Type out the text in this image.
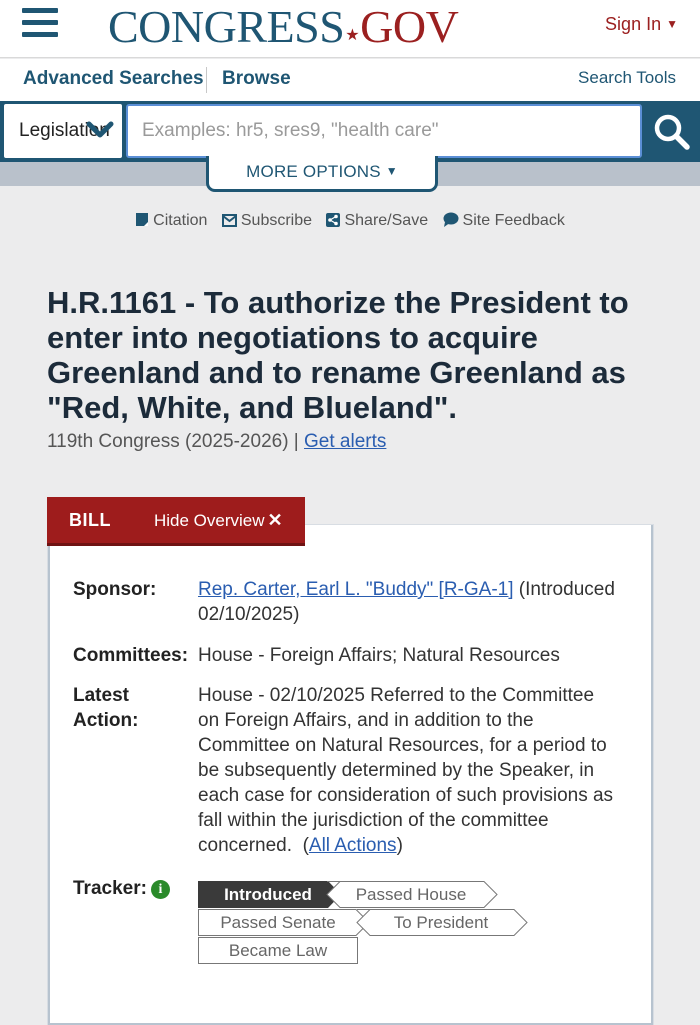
CONGRESS★GOV	Sign In ▼
Advanced Searches Browse	Search Tools
Legislation
Examples: hr5, sres9, "health care"
MORE OPTIONS ▼
Citation Subscribe Share/Save Site Feedback
H.R.1161 - To authorize the President to enter into negotiations to acquire Greenland and to rename Greenland as "Red, White, and Blueland".
119th Congress (2025-2026) | Get alerts
BILL	Hide Overview ✕
Sponsor: Rep. Carter, Earl L. "Buddy" [R-GA-1] (Introduced 02/10/2025)
Committees: House - Foreign Affairs; Natural Resources
Latest Action:
House - 02/10/2025 Referred to the Committee on Foreign Affairs, and in addition to the Committee on Natural Resources, for a period to be subsequently determined by the Speaker, in each case for consideration of such provisions as fall within the jurisdiction of the committee concerned.  (All Actions)
Tracker: i	Introduced	Passed House
Passed Senate	To President
Became Law
